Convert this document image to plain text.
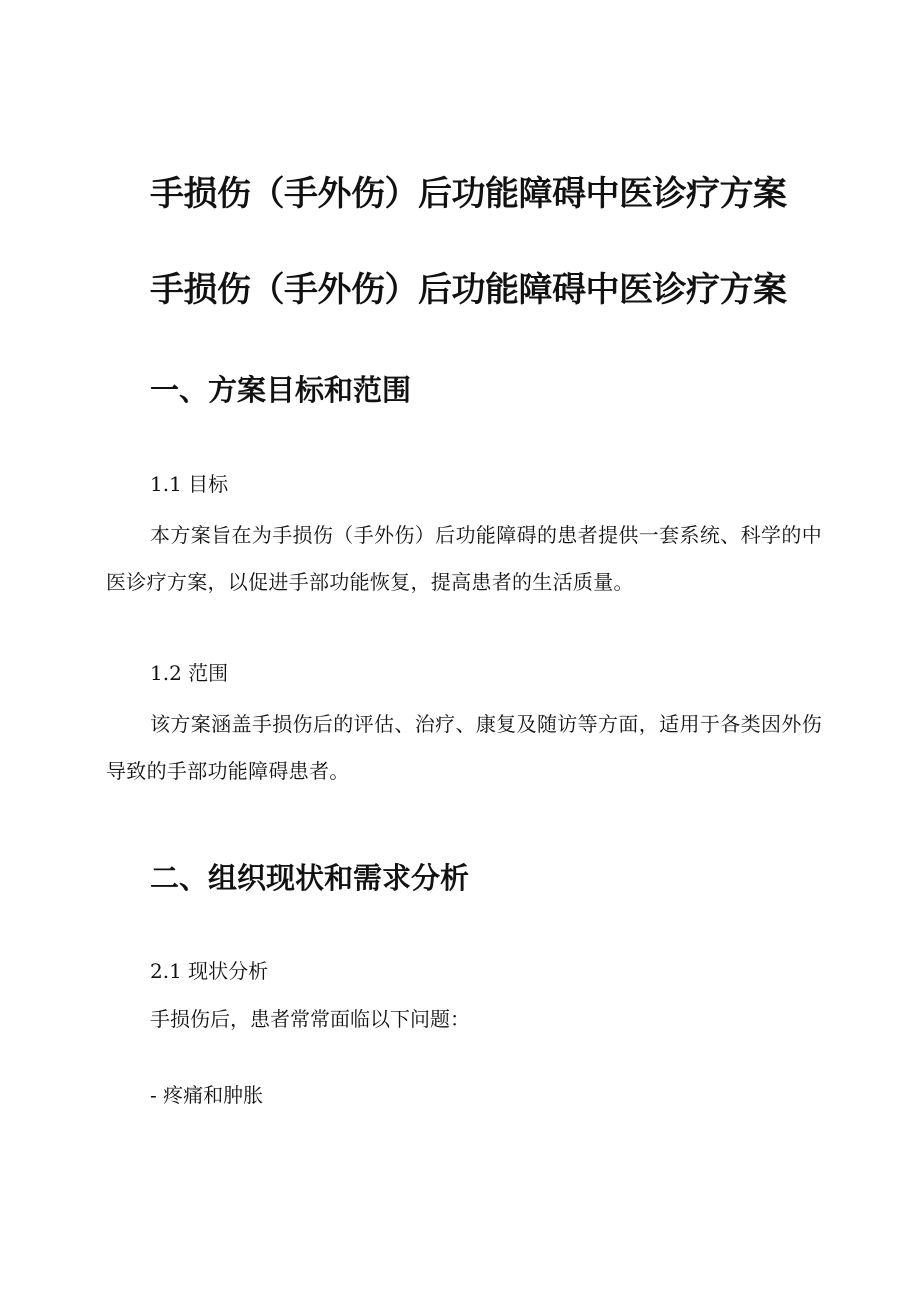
手损伤（手外伤）后功能障碍中医诊疗方案
手损伤（手外伤）后功能障碍中医诊疗方案
一、方案目标和范围
1.1 目标
本方案旨在为手损伤（手外伤）后功能障碍的患者提供一套系统、科学的中医诊疗方案，以促进手部功能恢复，提高患者的生活质量。
1.2 范围
该方案涵盖手损伤后的评估、治疗、康复及随访等方面，适用于各类因外伤导致的手部功能障碍患者。
二、组织现状和需求分析
2.1 现状分析
手损伤后，患者常常面临以下问题：
- 疼痛和肿胀
